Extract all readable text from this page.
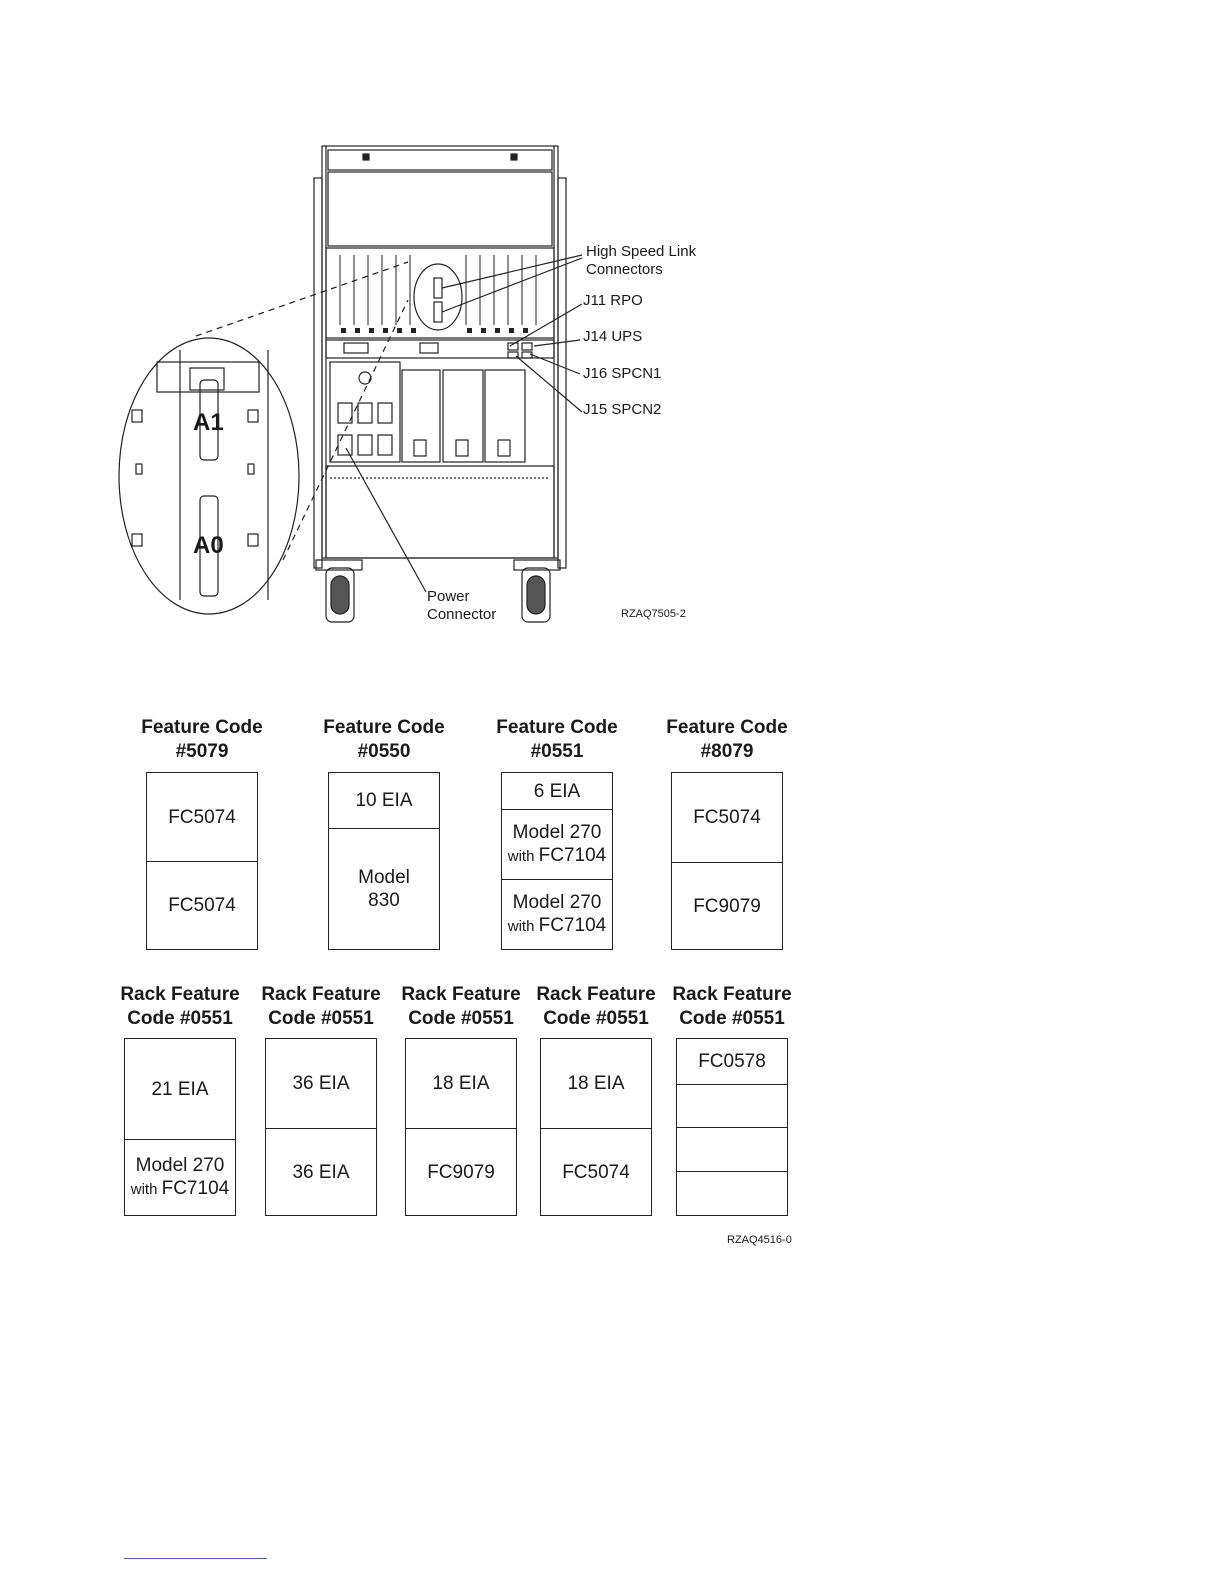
High Speed Link
Connectors
J11 RPO
J14 UPS
J16 SPCN1
J15 SPCN2
Power
Connector
A1
A0
RZAQ7505-2
Feature Code
#5079
FC5074
FC5074
Feature Code
#0550
10 EIA
Model
830
Feature Code
#0551
6 EIA
Model 270
with FC7104
Model 270
with FC7104
Feature Code
#8079
FC5074
FC9079
Rack Feature
Code #0551
21 EIA
Model 270
with FC7104
Rack Feature
Code #0551
36 EIA
36 EIA
Rack Feature
Code #0551
18 EIA
FC9079
Rack Feature
Code #0551
18 EIA
FC5074
Rack Feature
Code #0551
FC0578
RZAQ4516-0
